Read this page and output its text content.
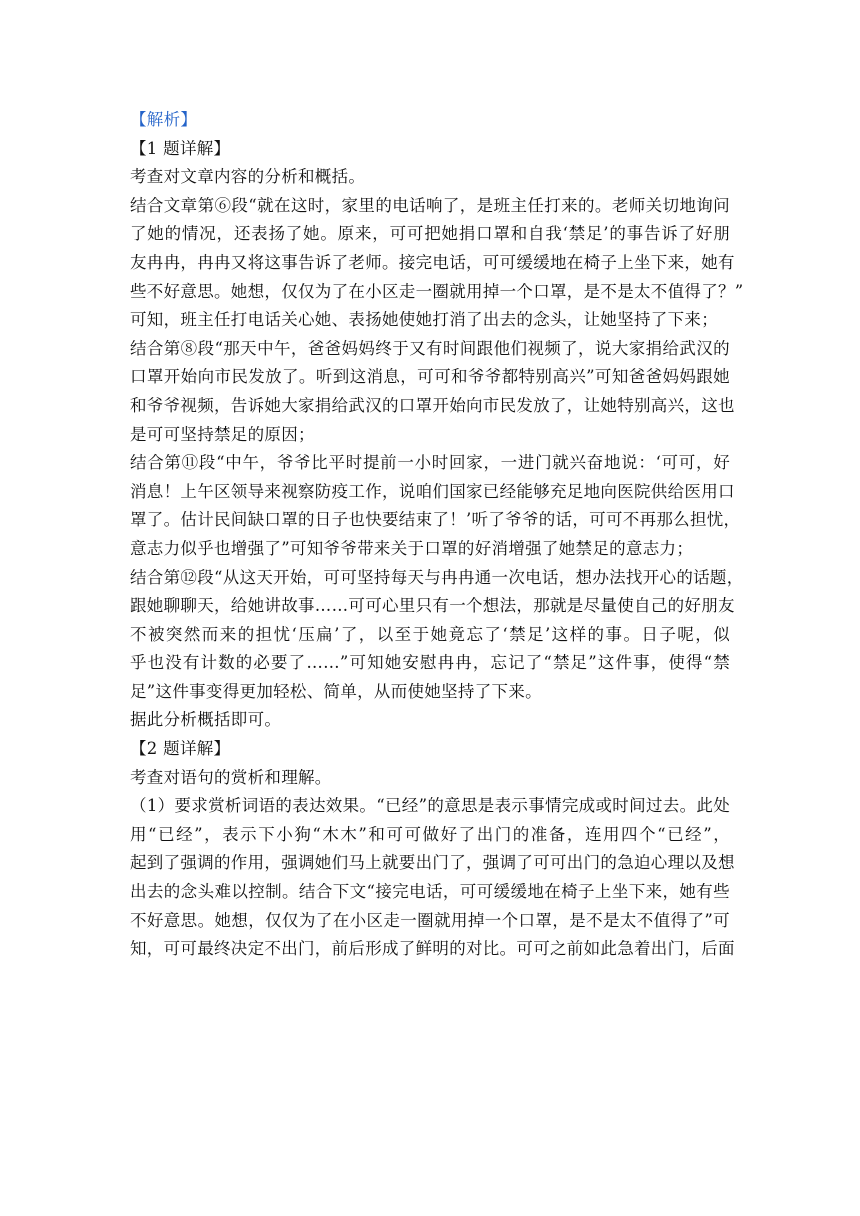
【解析】
【1 题详解】
考查对文章内容的分析和概括。
结合文章第⑥段“就在这时，家里的电话响了，是班主任打来的。老师关切地询问
了她的情况，还表扬了她。原来，可可把她捐口罩和自我‘禁足’的事告诉了好朋
友冉冉，冉冉又将这事告诉了老师。接完电话，可可缓缓地在椅子上坐下来，她有
些不好意思。她想，仅仅为了在小区走一圈就用掉一个口罩，是不是太不值得了？”
可知，班主任打电话关心她、表扬她使她打消了出去的念头，让她坚持了下来；
结合第⑧段“那天中午，爸爸妈妈终于又有时间跟他们视频了，说大家捐给武汉的
口罩开始向市民发放了。听到这消息，可可和爷爷都特别高兴”可知爸爸妈妈跟她
和爷爷视频，告诉她大家捐给武汉的口罩开始向市民发放了，让她特别高兴，这也
是可可坚持禁足的原因；
结合第⑪段“中午，爷爷比平时提前一小时回家，一进门就兴奋地说：‘可可，好
消息！上午区领导来视察防疫工作，说咱们国家已经能够充足地向医院供给医用口
罩了。估计民间缺口罩的日子也快要结束了！’听了爷爷的话，可可不再那么担忧，
意志力似乎也增强了”可知爷爷带来关于口罩的好消增强了她禁足的意志力；
结合第⑫段“从这天开始，可可坚持每天与冉冉通一次电话，想办法找开心的话题，
跟她聊聊天，给她讲故事……可可心里只有一个想法，那就是尽量使自己的好朋友
不被突然而来的担忧‘压扁’了，以至于她竟忘了‘禁足’这样的事。日子呢，似
乎也没有计数的必要了……”可知她安慰冉冉，忘记了“禁足”这件事，使得“禁
足”这件事变得更加轻松、简单，从而使她坚持了下来。
据此分析概括即可。
【2 题详解】
考查对语句的赏析和理解。
（1）要求赏析词语的表达效果。“已经”的意思是表示事情完成或时间过去。此处
用“已经”，表示下小狗“木木”和可可做好了出门的准备，连用四个“已经”，
起到了强调的作用，强调她们马上就要出门了，强调了可可出门的急迫心理以及想
出去的念头难以控制。结合下文“接完电话，可可缓缓地在椅子上坐下来，她有些
不好意思。她想，仅仅为了在小区走一圈就用掉一个口罩，是不是太不值得了”可
知，可可最终决定不出门，前后形成了鲜明的对比。可可之前如此急着出门，后面
